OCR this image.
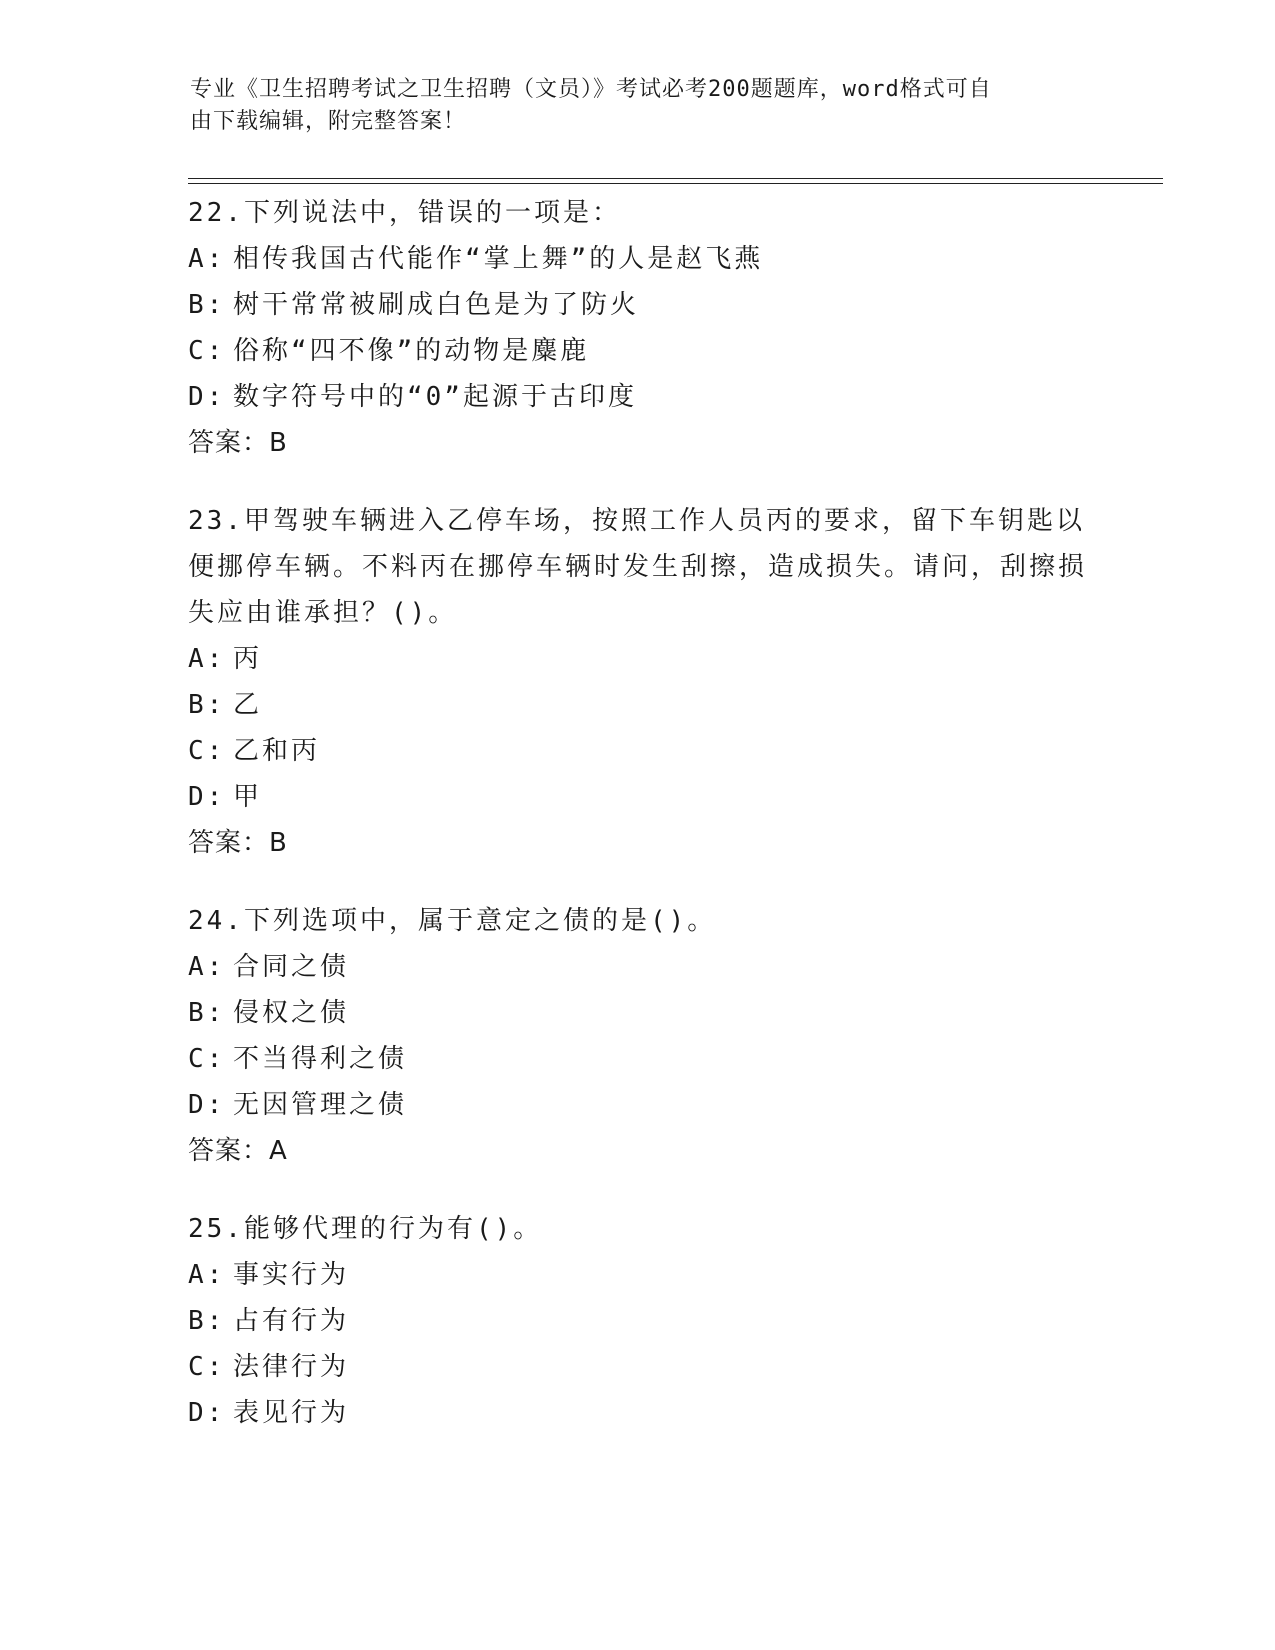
专业《卫生招聘考试之卫生招聘（文员）》考试必考200题题库，word格式可自
由下载编辑，附完整答案！
22.下列说法中，错误的一项是：
A: 相传我国古代能作“掌上舞”的人是赵飞燕
B: 树干常常被刷成白色是为了防火
C: 俗称“四不像”的动物是麋鹿
D: 数字符号中的“0”起源于古印度
答案：B
23.甲驾驶车辆进入乙停车场，按照工作人员丙的要求，留下车钥匙以便挪停车辆。不料丙在挪停车辆时发生刮擦，造成损失。请问，刮擦损失应由谁承担？()。
A: 丙
B: 乙
C: 乙和丙
D: 甲
答案：B
24.下列选项中，属于意定之债的是()。
A: 合同之债
B: 侵权之债
C: 不当得利之债
D: 无因管理之债
答案：A
25.能够代理的行为有()。
A: 事实行为
B: 占有行为
C: 法律行为
D: 表见行为
